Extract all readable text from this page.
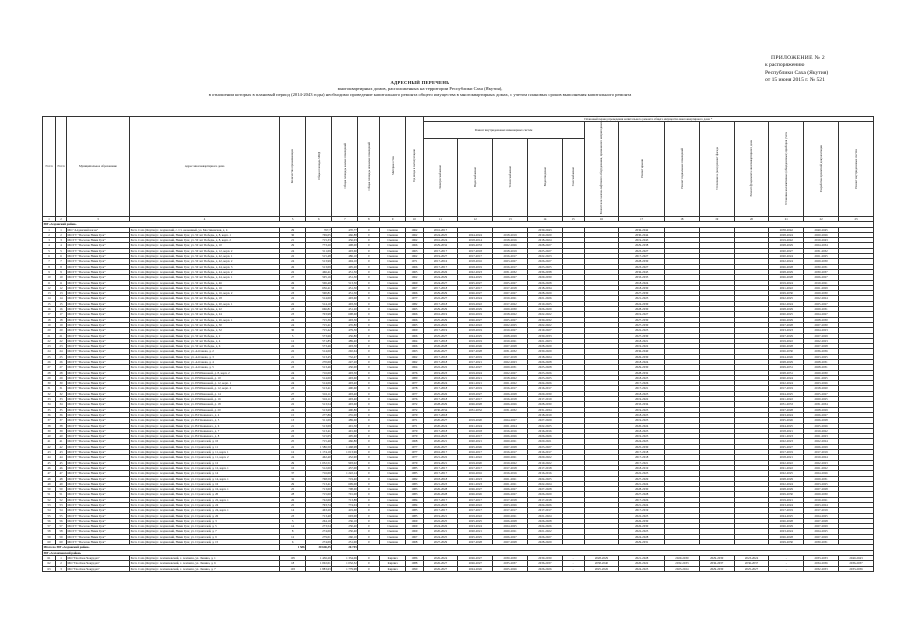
ПРИЛОЖЕНИЕ № 2
к распоряжению
Республики Саха (Якутия)
от 15 июня 2015 г. № 521
АДРЕСНЫЙ ПЕРЕЧЕНЬ
многоквартирных домов, расположенных на территории Республики Саха (Якутия),
в отношении которых в плановый период (2014-2043 годы) необходимо проведение капитального ремонта общего имущества в многоквартирных домах, с учетом плановых сроков выполнения капитального ремонта
N п/п	N п/п	Муниципальное образование	Адрес многоквартирного дома	Количество проживающих	Общая площадь МКД	Общая площадь жилых помещений	Общая площадь нежилых помещений	Материал стен	Год ввода в эксплуатацию	Плановый период проведения капитального ремонта общего имущества многоквартирного дома *												
										Ремонт внутридомовых инженерных систем					Ремонт или замена лифтового оборудования, признанного непригодным	Ремонт крыши	Ремонт подвальных помещений	Утепление и (или) ремонт фасада	Ремонт фундамента многоквартирного дома	Установка коллективных (общедомовых) приборов учета	Разработка проектной документации	Ремонт внутридомовых систем
										Электроснабжение	Водоснабжение	Теплоснабжение	Водоотведение	Газоснабжение								
1	2	3	4	5	6	7	8	9	10	11	12	13	14	15	16	17	18	19	20	21	22	23
МР «Алданский район»																						
1	1	МО "Алданский нагон"	Респ. Саха (Якутия) г. Алданский, с. Ст. оказенный, ул. Мостиковская, д. 4	29	767,7	470,77	0	Смешан	1962	2016-2017			2039-2043			2036-2042				2038-2042	2040-2045	
2	2	МО ГТ "Поселок Нижн Граг"	Респ. Саха (Якутия) г. Алданский, Нижн Граг, ул. 50 лет Победы, д. 8, корп. 1	30	769,05	466,88	0	Смешан	1962	2024-2025	2024-2024	2018-2019	2019-2020			2030-2044				2028-2024	2020-2026	
3	3	МО ГТ "Поселок Нижн Граг"	Респ. Саха (Якутия) г. Алданский, Нижн Граг, ул. 50 лет Победы, д. 8, корп. 2	21	715,33	456,03	0	Смешан	1962	2016-2024	2018-2014	2018-2016	2018-2024			2019-2043				2019-2042	2019-2043	
4	4	МО ГТ "Поселок Нижн Граг"	Респ. Саха (Якутия) г. Алданский, Нижн Граг, ул. 50 лет Победы, д. 10	29	773,20	498,00	0	Смешан	1966	2029-2032	2029-2033	2022-2026	2028-2027			2029-2038				2028-2029	2024-2034	
5	5	МО ГТ "Поселок Нижн Граг"	Респ. Саха (Якутия) г. Алданский, Нижн Граг, ул. 50 лет Победы, д. 12, корп. 2	24	511,09	493,60	0	Смешан	1963	2017-2017	2017-2018	2018-2019	2025-2027			2023-2027				2020-2027	2031-2032	
6	6	МО ГТ "Поселок Нижн Граг"	Респ. Саха (Якутия) г. Алданский, Нижн Граг, ул. 50 лет Победы, д. 42, корп. 1	22	515,48	486,10	0	Смешан	1962	2019-2027	2017-2017	2016-2017	2022-2023			2017-2027				2020-2024	2021-2025	
7	7	МО ГТ "Поселок Нижн Граг"	Респ. Саха (Якутия) г. Алданский, Нижн Граг, ул. 50 лет Победы, д. 42, корп. 2	24	513,99	494,10	0	Смешан	1971	2017-2016	2018-2016	2023-2027	2026-2027			2028-2030				2022-2024	2029-2030	
8	8	МО ГТ "Поселок Нижн Граг"	Респ. Саха (Якутия) г. Алданский, Нижн Граг, ул. 50 лет Победы, д. 44, корп. 3	26	513,09	495,20	0	Смешан	1966	2017-2017	2018-2019	2016-2017	2023-2025			2023-2027				2026-2028	2030-2031	
9	9	МО ГТ "Поселок Нижн Граг"	Респ. Саха (Якутия) г. Алданский, Нижн Граг, ул. 50 лет Победы, д. 44, корп. 2	22	466,41	451,50	0	Смешан	1965	2022-2026	2022-2023	2031-2032	2036-2038			2036-2045				2028-2029	2030-2037	
10	10	МО ГТ "Поселок Нижн Граг"	Респ. Саха (Якутия) г. Алданский, Нижн Граг, ул. 50 лет Победы, д. 44, корп. 1	27	505,16	451,30	0	Смешан	1962	2024-2029	2024-2025	2026-2027	2029-2030			2033-2035				2026-2028	2026-2027	
11	11	МО ГТ "Поселок Нижн Граг"	Респ. Саха (Якутия) г. Алданский, Нижн Граг, ул. 50 лет Победы, д. 46	26	506,40	513,50	0	Смешан	1960	2024-2027	2025-2027	2025-2027	2026-2028			2018-2024				2019-2024	2019-2021	
12	12	МО ГТ "Поселок Нижн Граг"	Респ. Саха (Якутия) г. Алданский, Нижн Граг, ул. 50 лет Победы, д. 16	33	656,41	451,50	0	Смешан	1967	2017-2018	2017-2017	2017-2018	2018-2034			2018-2030				2021-2022	2021-2029	
13	13	МО ГТ "Поселок Нижн Граг"	Респ. Саха (Якутия) г. Алданский, Нижн Граг, ул. 50 лет Победы, д. 16, корп. 2	23	590,81	451,30	0	Смешан	1966	2029-2029	2026-2027	2027-2027	2028-2029			2027-2030				2029-2030	2029-2030	
14	14	МО ГТ "Поселок Нижн Граг"	Респ. Саха (Якутия) г. Алданский, Нижн Граг, ул. 50 лет Победы, д. 18	22	514,00	493,60	0	Смешан	1977	2022-2027	2023-2024	2019-2021	2021-2026			2021-2023				2022-2025	2022-2024	
15	15	МО ГТ "Поселок Нижн Граг"	Респ. Саха (Якутия) г. Алданский, Нижн Граг, ул. 50 лет Победы, д. 20, корп. 1	22	514,10	493,30	0	Смешан	1982	2017-2018	2019-2022	2017-2022	2019-2025			2024-2030				2022-2024	2025-2027	
16	16	МО ГТ "Поселок Нижн Граг"	Респ. Саха (Якутия) г. Алданский, Нижн Граг, ул. 50 лет Победы, д. 22	23	666,81	451,20	0	Смешан	1965	2029-2029	2028-2029	2029-2030	2026-2029			2028-2030				2028-2029	2029-2031	
17	17	МО ГТ "Поселок Нижн Граг"	Респ. Саха (Якутия) г. Алданский, Нижн Граг, ул. 50 лет Победы, д. 24	23	703,98	698,60	0	Смешан	1966	2016-2019	2016-2019	2018-2022	2022-2022			2019-2027				2020-2025	2024-2027	
18	18	МО ГТ "Поселок Нижн Граг"	Респ. Саха (Якутия) г. Алданский, Нижн Граг, ул. 50 лет Победы, д. 26, корп. 1	24	715,36	493,30	0	Смешан	1966	2025-2029	2026-2027	2025-2027	2030-2032			2027-2030				2026-2029	2028-2030	
19	19	МО ГТ "Поселок Нижн Граг"	Респ. Саха (Якутия) г. Алданский, Нижн Граг, ул. 50 лет Победы, д. 30	24	715,41	476,80	0	Смешан	1965	2022-2022	2022-2022	2022-2025	2022-2022			2027-2030				2027-2028	2027-2030	
20	20	МО ГТ "Поселок Нижн Граг"	Респ. Саха (Якутия) г. Алданский, Нижн Граг, ул. 50 лет Победы, д. 32	30	715,42	479,50	0	Смешан	1960	2017-2019	2018-2019	2019-2027	2019-2027			2022-2025				2023-2023	2024-2023	
21	21	МО ГТ "Поселок Нижн Граг"	Респ. Саха (Якутия) г. Алданский, Нижн Граг, ул. 50 лет Победы, д. 2	5	573,66	456,80	0	Смешан	1966	2025-2027	2024-2025	2028-2029	2030-2033			2027-2030				2027-2029	2027-2029	
22	22	МО ГТ "Поселок Нижн Граг"	Респ. Саха (Якутия) г. Алданский, Нижн Граг, ул. 50 лет Победы, д. 4	12	571,85	489,40	0	Смешан	1964	2017-2018	2019-2019	2019-2021	2021-2023			2018-2021				2019-2022	2022-2023	
23	23	МО ГТ "Поселок Нижн Граг"	Респ. Саха (Якутия) г. Алданский, Нижн Граг, ул. 50 лет Победы, д. 6	24	573,46	493,30	0	Смешан	1966	2026-2028	2026-2026	2027-2028	2028-2029			2019-2022				2026-2028	2027-2028	
24	24	МО ГТ "Поселок Нижн Граг"	Респ. Саха (Якутия) г. Алданский, Нижн Граг, ул. Алтанова, д. 2	22	514,00	292,64	0	Смешан	1963	2026-2027	2027-2028	2031-2032	2030-2029			2036-2040				2026-2030	2036-2036	
25	25	МО ГТ "Поселок Нижн Граг"	Респ. Саха (Якутия) г. Алданский, Нижн Граг, ул. Алтанова, д. 3	21	513,45	732,47	0	Смешан	1962	2017-2018	2017-2019	2017-2018	2018-2024			2026-2030				2024-2026	2023-2025	
26	26	МО ГТ "Поселок Нижн Граг"	Респ. Саха (Якутия) г. Алданский, Нижн Граг, ул. Алтанова, д. 4	21	270,00	247,20	0	Смешан	1962	2017-2018	2017-2021	2022-2023	2026-2028			2018-2024				2028-2029	2028-2031	
27	27	МО ГТ "Поселок Нижн Граг"	Респ. Саха (Якутия) г. Алданский, Нижн Граг, ул. Алтанова, д. 5	23	513,46	450,00	0	Смешан	1964	2022-2022	2022-2027	2029-2031	2025-2028			2029-2030				2029-2031	2028-2031	
28	28	МО ГТ "Поселок Нижн Граг"	Респ. Саха (Якутия) г. Алданский, Нижн Граг, ул. Р.Н.Ивановой, д. 8, корп. 2	24	716,00	493,30	0	Смешан	1976	2019-2023	2019-2024	2022-2027	2023-2026			2028-2032				2028-2031	2029-2030	
29	29	МО ГТ "Поселок Нижн Граг"	Респ. Саха (Якутия) г. Алданский, Нижн Граг, ул. Р.Н.Ивановой, д. 10	24	514,00	493,60	0	Смешан	1980	2018-2021	2020-2021	2018-2022	2023-2025			2018-2025				2020-2024	2021-2025	
30	30	МО ГТ "Поселок Нижн Граг"	Респ. Саха (Якутия) г. Алданский, Нижн Граг, ул. Р.Н.Ивановой, д. 12, корп. 1	24	514,06	493,40	0	Смешан	1977	2020-2024	2021-2021	2021-2022	2024-2026			2017-2026				2022-2024	2023-2026	
31	31	МО ГТ "Поселок Нижн Граг"	Респ. Саха (Якутия) г. Алданский, Нижн Граг, ул. Р.Н.Ивановой, д. 12, корп. 2	23	513,41	490,60	0	Смешан	1978	2017-2018	2017-2019	2016-2017	2016-2017			2017-2021				2017-2019	2018-2020	
32	32	МО ГТ "Поселок Нижн Граг"	Респ. Саха (Якутия) г. Алданский, Нижн Граг, ул. Р.Н.Ивановой, д. 14	27	516,11	493,40	0	Смешан	1977	2025-2026	2018-2027	2026-2028	2029-2030			2018-2025				2024-2025	2025-2027	
33	33	МО ГТ "Поселок Нижн Граг"	Респ. Саха (Якутия) г. Алданский, Нижн Граг, ул. Р.Н.Ивановой, д. 16	23	516,11	493,40	0	Смешан	1976	2017-2018	2017-2017	2016-2018	2017-2019			2019-2022				2021-2022	2020-2025	
34	34	МО ГТ "Поселок Нижн Граг"	Респ. Саха (Якутия) г. Алданский, Нижн Граг, ул. Р.Н.Ивановой, д. 18	22	513,54	493,60	0	Смешан	1972	2028-2029	2026-2028	2026-2026	2028-2030			2033-2034				2031-2033	2031-2034	
35	35	МО ГТ "Поселок Нижн Граг"	Респ. Саха (Якутия) г. Алданский, Нижн Граг, ул. Р.Н.Ивановой, д. 20	24	513,69	490,80	0	Смешан	1972	2030-2034	2031-2032	2031-2032	2031-2034			2019-2025				2027-2028	2028-2029	
36	36	МО ГТ "Поселок Нижн Граг"	Респ. Саха (Якутия) г. Алданский, Нижн Граг, ул. Н.Г.Кошевого, д. 4	15	277,86	255,00	0	Смешан	1970	2017-2018			2018-2019			2018-2025				2023-2024	2026-2027	
37	37	МО ГТ "Поселок Нижн Граг"	Респ. Саха (Якутия) г. Алданский, Нижн Граг, ул. Н.Г.Кошевого, д. 5	13	511,09	489,60	0	Смешан	1971	2020-2027	2019-2020	2024-2027	2027-2029			2019-2025				2025-2026	2026-2028	
38	38	МО ГТ "Поселок Нижн Граг"	Респ. Саха (Якутия) г. Алданский, Нижн Граг, ул. Н.Г.Кошевого, д. 6	21	513,09	491,30	0	Смешан	1971	2020-2024	2021-2024	2021-2024	2022-2025			2020-2024				2024-2025	2025-2026	
39	39	МО ГТ "Поселок Нижн Граг"	Респ. Саха (Якутия) г. Алданский, Нижн Граг, ул. Н.Г.Кошевого, д. 7	23	513,41	491,60	0	Смешан	1970	2017-2018	2016-2018	2016-2016	2016-2016			2018-2023				2018-2021	2019-2022	
40	40	МО ГТ "Поселок Нижн Граг"	Респ. Саха (Якутия) г. Алданский, Нижн Граг, ул. Н.Г.Кошевого, д. 8	22	515,05	495,60	0	Смешан	1970	2016-2023	2016-2017	2026-2026	2026-2026			2019-2023				2021-2023	2021-2023	
41	41	МО ГТ "Поселок Нижн Граг"	Респ. Саха (Якутия) г. Алданский, Нижн Граг, ул. Строителей, д. 10	25	715,40	466,80	0	Смешан	1968	2020-2021	2020-2021	2020-2021	2020-2021			2024-2023				2022-2023	2022-2024	
42	42	МО ГТ "Поселок Нижн Граг"	Респ. Саха (Якутия) г. Алданский, Нижн Граг, ул. Строителей, д. 11	22	1 586,50	1 468,98	0	Смешан	1977	2026-2027	2025-2026	2027-2028	2023-2027			2025-2030				2025-2027	2026-2029	
43	43	МО ГТ "Поселок Нижн Граг"	Респ. Саха (Якутия) г. Алданский, Нижн Граг, ул. Строителей, д. 11, корп. 1	12	1 174,10	1 013,96	0	Смешан	1977	2016-2017	2016-2017	2016-2017	2016-2017			2017-2018				2017-2019	2017-2019	
44	44	МО ГТ "Поселок Нижн Граг"	Респ. Саха (Якутия) г. Алданский, Нижн Граг, ул. Строителей, д. 11, корп. 2	24	462,40	452,90	0	Смешан	1977	2021-2022	2021-2022	2020-2021	2020-2022			2017-2018				2018-2021	2019-2024	
45	45	МО ГТ "Поселок Нижн Граг"	Респ. Саха (Якутия) г. Алданский, Нижн Граг, ул. Строителей, д. 12	29	1 032,51	993,02	0	Смешан	1979	2019-2021	2019-2020	2019-2022	2019-2022			2017-2021				2022-2022	2022-2023	
46	46	МО ГТ "Поселок Нижн Граг"	Респ. Саха (Якутия) г. Алданский, Нижн Граг, ул. Строителей, д. 12, корп. 1	10	512,00	457,00	0	Смешан	1985	2017-2017	2017-2017	2017-2018	2017-2018			2018-2019				2021-2022	2021-2022	
47	47	МО ГТ "Поселок Нижн Граг"	Респ. Саха (Якутия) г. Алданский, Нижн Граг, ул. Строителей, д. 14	37	716,00	1 222,14	0	Смешан	1985	2017-2017	2016-2016	2016-2016	2016-2016			2022-2023				2022-2025	2024-2026	
48	48	МО ГТ "Поселок Нижн Граг"	Респ. Саха (Якутия) г. Алданский, Нижн Граг, ул. Строителей, д. 14, корп. 1	32	768,59	719,40	0	Смешан	1982	2018-2018	2021-2023	2021-2021	2024-2025			2027-2029				2028-2029	2029-2031	
49	49	МО ГТ "Поселок Нижн Граг"	Респ. Саха (Якутия) г. Алданский, Нижн Граг, ул. Строителей, д. 16	29	713,41	699,00	0	Смешан	1983	2021-2023	2021-2023	2021-2021	2022-2024			2021-2024				2022-2024	2023-2025	
50	50	МО ГТ "Поселок Нижн Граг"	Респ. Саха (Якутия) г. Алданский, Нижн Граг, ул. Строителей, д. 16, корп. 1	25	713,00	708,00	0	Смешан	1983	2026-2028	2026-2027	2026-2027	2027-2028			2028-2030				2028-2029	2027-2028	
51	51	МО ГТ "Поселок Нижн Граг"	Респ. Саха (Якутия) г. Алданский, Нижн Граг, ул. Строителей, д. 20	28	715,00	701,00	0	Смешан	1983	2026-2028	2026-2026	2026-2027	2026-2029			2027-2028				2029-2030	2029-2030	
52	52	МО ГТ "Поселок Нижн Граг"	Респ. Саха (Якутия) г. Алданский, Нижн Граг, ул. Строителей, д. 22, корп. 1	26	722,00	713,88	0	Смешан	1984	2017-2017	2017-2017	2017-2018	2017-2018			2017-2026				2019-2021	2019-2021	
53	53	МО ГТ "Поселок Нижн Граг"	Респ. Саха (Якутия) г. Алданский, Нижн Граг, ул. Строителей, д. 24	25	793,74	774,04	0	Смешан	1984	2022-2023	2020-2022	2023-2026	2024-2026			2021-2024				2023-2024	2023-2024	
54	54	МО ГТ "Поселок Нижн Граг"	Респ. Саха (Якутия) г. Алданский, Нижн Граг, ул. Строителей, д. 24, корп. 1	14	463,20	419,60	0	Смешан	1985	2017-2017	2017-2017	2017-2017	2017-2017			2017-2019				2017-2019	2017-2019	
55	55	МО ГТ "Поселок Нижн Граг"	Респ. Саха (Якутия) г. Алданский, Нижн Граг, ул. Строителей, д. 26	23	713,40	693,00	0	Смешан	1985	2019-2021	2019-2022	2020-2021	2021-2024			2022-2025				2024-2025	2024-2025	
56	56	МО ГТ "Поселок Нижн Граг"	Респ. Саха (Якутия) г. Алданский, Нижн Граг, ул. Строителей, д. 3	5	264,10	236,10	0	Смешан	1969	2022-2025	2025-2025	2026-2028	2026-2028			2026-2030				2026-2028	2027-2028	
57	57	МО ГТ "Поселок Нижн Граг"	Респ. Саха (Якутия) г. Алданский, Нижн Граг, ул. Строителей, д. 5	14	273,54	250,40	0	Смешан	1969	2024-2026	2023-2024	2024-2025	2024-2026			2026-2030				2026-2029	2027-2029	
58	58	МО ГТ "Поселок Нижн Граг"	Респ. Саха (Якутия) г. Алданский, Нижн Граг, ул. Строителей, д. 7	8	274,00	250,40	0	Смешан	1969	2020-2021	2020-2021	2020-2021	2021-2022			2022-2025				2023-2024	2024-2025	
59	59	МО ГТ "Поселок Нижн Граг"	Респ. Саха (Якутия) г. Алданский, Нижн Граг, ул. Строителей, д. 9	12	279,01	260,10	0	Смешан	1967	2024-2025	2025-2025	2026-2027	2026-2027			2024-2028				2026-2028	2027-2029	
60	60	МО ГТ "Поселок Нижн Граг"	Респ. Саха (Якутия) г. Алданский, Нижн Граг, ул. Строителей, д. 15	6	274,09	251,00	0	Смешан	1968	2027-2029	2027-2028	2027-2028	2028-2029			2029-2031				2029-2030	2030-2031	
Итого по МР «Алданский район»				1 586	30 646,35	26 745																
МР «Аллаиховский район»																						
61	1	МО "Посёлок Чокурдах"	Респ. Саха (Якутия) г. Аллаиховский, с. Аллаиха, ул. Ленина, д. 1	105	1 436,26	1 334,06	0	Кирпич	1986	2026-2024	2026-2027	2030-2030	2030-2030	-	2028-2029	2021-2028	2029-2030	2029-2030	2023-2024	-	2033-2033	2040-2043
62	2	МО "Посёлок Чокурдах"	Респ. Саха (Якутия) г. Аллаиховский, с. Аллаиха, ул. Ленина, д. 6	18	1 002,01	1 032,52	0	Кирпич	1988	2026-2027	2026-2027	2035-2037	2036-2037	-	2038-2040	2020-2022	2032-2033	2036-2037	2036-2037	-	2034-2036	2036-2037
63	3	МО "Посёлок Чокурдах"	Респ. Саха (Якутия) г. Аллаиховский, с. Аллаиха, ул. Ленина, д. 7	103	1 883,63	1 779,98	0	Кирпич	1990	2026-2027	2024-2026	2025-2026	2026-2026	-	2025-2026	2024-2025	2023-2024	2029-2030	2025-2027	-	2032-2033	2033-2036
